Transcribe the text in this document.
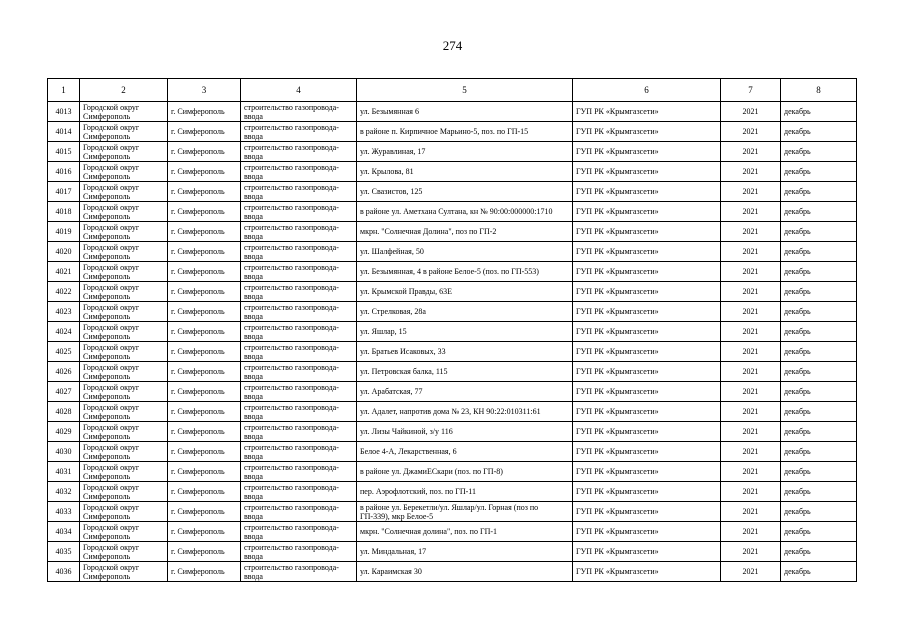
274
1	2	3	4	5	6	7	8
4013	Городской округ Симферополь	г. Симферополь	строительство газопровода-ввода	ул. Безымянная 6	ГУП РК «Крымгазсети»	2021	декабрь
4014	Городской округ Симферополь	г. Симферополь	строительство газопровода-ввода	в районе п. Кирпичное Марьино-5, поз. по ГП-15	ГУП РК «Крымгазсети»	2021	декабрь
4015	Городской округ Симферополь	г. Симферополь	строительство газопровода-ввода	ул. Журавлиная, 17	ГУП РК «Крымгазсети»	2021	декабрь
4016	Городской округ Симферополь	г. Симферополь	строительство газопровода-ввода	ул. Крылова, 81	ГУП РК «Крымгазсети»	2021	декабрь
4017	Городской округ Симферополь	г. Симферополь	строительство газопровода-ввода	ул. Свазистов, 125	ГУП РК «Крымгазсети»	2021	декабрь
4018	Городской округ Симферополь	г. Симферополь	строительство газопровода-ввода	в районе ул. Аметхана Султана, кн № 90:00:000000:1710	ГУП РК «Крымгазсети»	2021	декабрь
4019	Городской округ Симферополь	г. Симферополь	строительство газопровода-ввода	мкрн. "Солнечная Долина", поз по ГП-2	ГУП РК «Крымгазсети»	2021	декабрь
4020	Городской округ Симферополь	г. Симферополь	строительство газопровода-ввода	ул. Шалфейная, 50	ГУП РК «Крымгазсети»	2021	декабрь
4021	Городской округ Симферополь	г. Симферополь	строительство газопровода-ввода	ул. Безымянная, 4 в районе Белое-5 (поз. по ГП-553)	ГУП РК «Крымгазсети»	2021	декабрь
4022	Городской округ Симферополь	г. Симферополь	строительство газопровода-ввода	ул. Крымской Правды, 63Е	ГУП РК «Крымгазсети»	2021	декабрь
4023	Городской округ Симферополь	г. Симферополь	строительство газопровода-ввода	ул. Стрелковая, 28а	ГУП РК «Крымгазсети»	2021	декабрь
4024	Городской округ Симферополь	г. Симферополь	строительство газопровода-ввода	ул. Яшлар, 15	ГУП РК «Крымгазсети»	2021	декабрь
4025	Городской округ Симферополь	г. Симферополь	строительство газопровода-ввода	ул. Братьев Исаковых, 33	ГУП РК «Крымгазсети»	2021	декабрь
4026	Городской округ Симферополь	г. Симферополь	строительство газопровода-ввода	ул. Петровская балка, 115	ГУП РК «Крымгазсети»	2021	декабрь
4027	Городской округ Симферополь	г. Симферополь	строительство газопровода-ввода	ул. Арабатская, 77	ГУП РК «Крымгазсети»	2021	декабрь
4028	Городской округ Симферополь	г. Симферополь	строительство газопровода-ввода	ул. Адалет, напротив дома № 23, КН 90:22:010311:61	ГУП РК «Крымгазсети»	2021	декабрь
4029	Городской округ Симферополь	г. Симферополь	строительство газопровода-ввода	ул. Лизы Чайкиной, з/у 116	ГУП РК «Крымгазсети»	2021	декабрь
4030	Городской округ Симферополь	г. Симферополь	строительство газопровода-ввода	Белое 4-А, Лекарственная, 6	ГУП РК «Крымгазсети»	2021	декабрь
4031	Городской округ Симферополь	г. Симферополь	строительство газопровода-ввода	в районе ул. ДжамиЕСкари (поз. по ГП-8)	ГУП РК «Крымгазсети»	2021	декабрь
4032	Городской округ Симферополь	г. Симферополь	строительство газопровода-ввода	пер. Аэрофлотский, поз. по ГП-11	ГУП РК «Крымгазсети»	2021	декабрь
4033	Городской округ Симферополь	г. Симферополь	строительство газопровода-ввода	в районе ул. Берекетли/ул. Яшлар/ул. Горная (поз по ГП-339), мкр Белое-5	ГУП РК «Крымгазсети»	2021	декабрь
4034	Городской округ Симферополь	г. Симферополь	строительство газопровода-ввода	мкрн. "Солнечная долина", поз. по ГП-1	ГУП РК «Крымгазсети»	2021	декабрь
4035	Городской округ Симферополь	г. Симферополь	строительство газопровода-ввода	ул. Миндальная, 17	ГУП РК «Крымгазсети»	2021	декабрь
4036	Городской округ Симферополь	г. Симферополь	строительство газопровода-ввода	ул. Караимская 30	ГУП РК «Крымгазсети»	2021	декабрь
